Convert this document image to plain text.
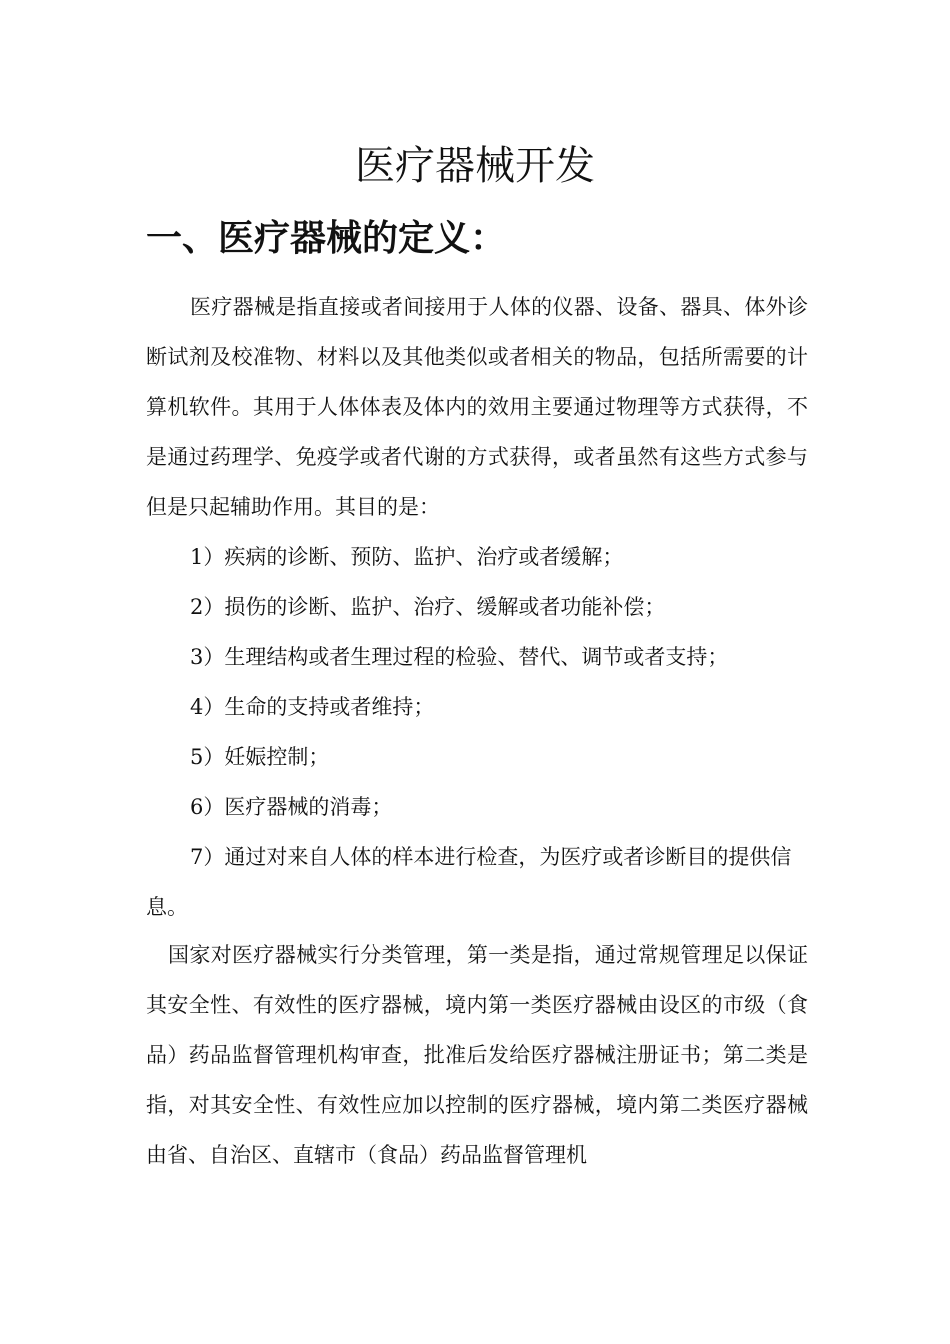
医疗器械开发
一、医疗器械的定义：

医疗器械是指直接或者间接用于人体的仪器、设备、器具、体外诊断试剂及校准物、材料以及其他类似或者相关的物品，包括所需要的计算机软件。其用于人体体表及体内的效用主要通过物理等方式获得，不是通过药理学、免疫学或者代谢的方式获得，或者虽然有这些方式参与但是只起辅助作用。其目的是：

1）疾病的诊断、预防、监护、治疗或者缓解；
2）损伤的诊断、监护、治疗、缓解或者功能补偿；
3）生理结构或者生理过程的检验、替代、调节或者支持；
4）生命的支持或者维持；
5）妊娠控制；
6）医疗器械的消毒；
7）通过对来自人体的样本进行检查，为医疗或者诊断目的提供信息。

国家对医疗器械实行分类管理，第一类是指，通过常规管理足以保证其安全性、有效性的医疗器械，境内第一类医疗器械由设区的市级（食品）药品监督管理机构审查，批准后发给医疗器械注册证书；第二类是指，对其安全性、有效性应加以控制的医疗器械，境内第二类医疗器械由省、自治区、直辖市（食品）药品监督管理机
